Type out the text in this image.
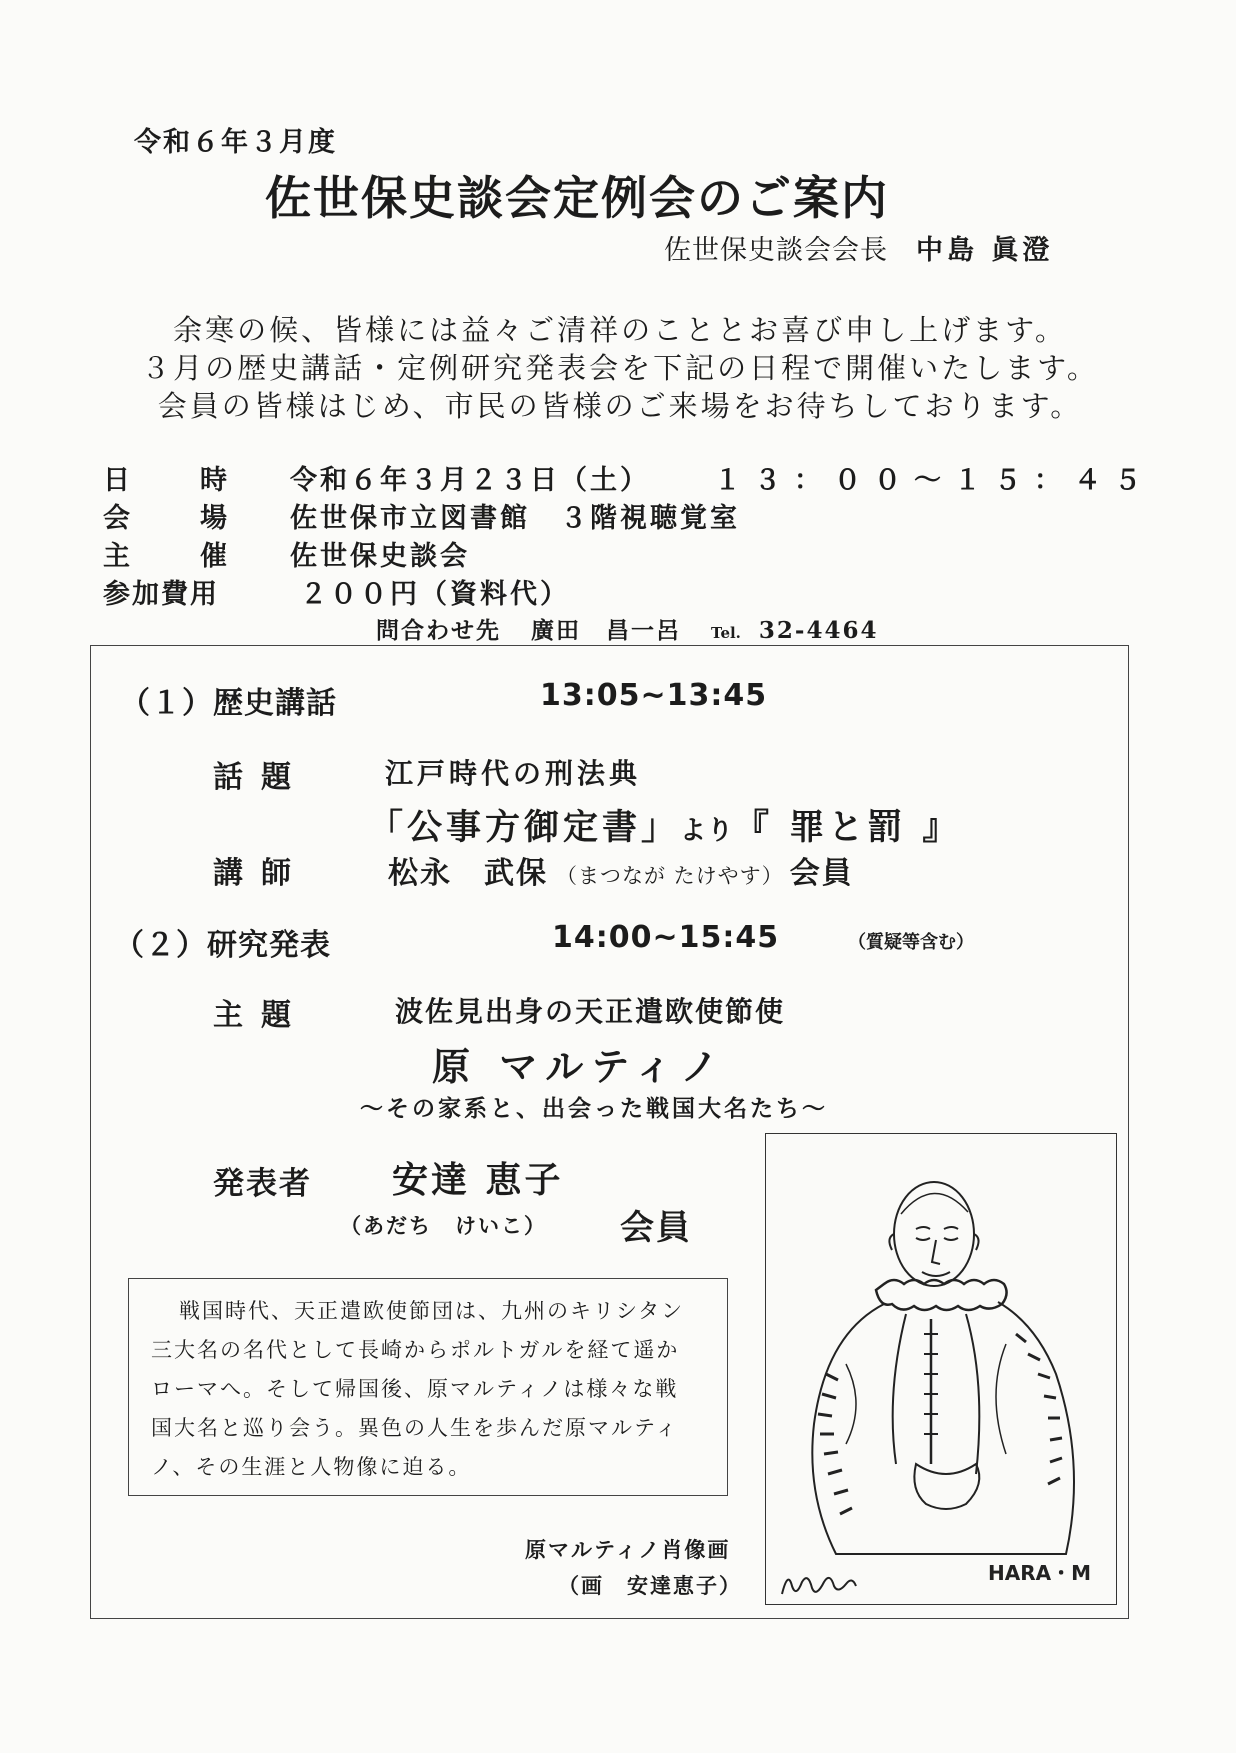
令和６年３月度
佐世保史談会定例会のご案内
佐世保史談会会長 中島 眞澄
余寒の候、皆様には益々ご清祥のこととお喜び申し上げます。
３月の歴史講話・定例研究発表会を下記の日程で開催いたします。
会員の皆様はじめ、市民の皆様のご来場をお待ちしております。
日時 令和６年３月２３日（土） １３：００～１５：４５
会場 佐世保市立図書館　３階視聴覚室
主催 佐世保史談会
参加費用	２００円（資料代）
問合わせ先 廣田　昌一呂 Tel. 32-4464
（１）歴史講話	13:05~13:45
話題	江戸時代の刑法典
「公事方御定書」より『 罪と罰 』
講師	松永　武保 （まつなが たけやす） 会員
（２）研究発表	14:00~15:45	（質疑等含む）
主題	波佐見出身の天正遣欧使節使
原 マルティノ
～その家系と、出会った戦国大名たち～
発表者 安達 恵子
（あだち　けいこ） 会員
戦国時代、天正遣欧使節団は、九州のキリシタン
三大名の名代として長崎からポルトガルを経て遥か
ローマへ。そして帰国後、原マルティノは様々な戦
国大名と巡り会う。異色の人生を歩んだ原マルティ
ノ、その生涯と人物像に迫る。
HARA・M
原マルティノ肖像画
（画　安達恵子）
